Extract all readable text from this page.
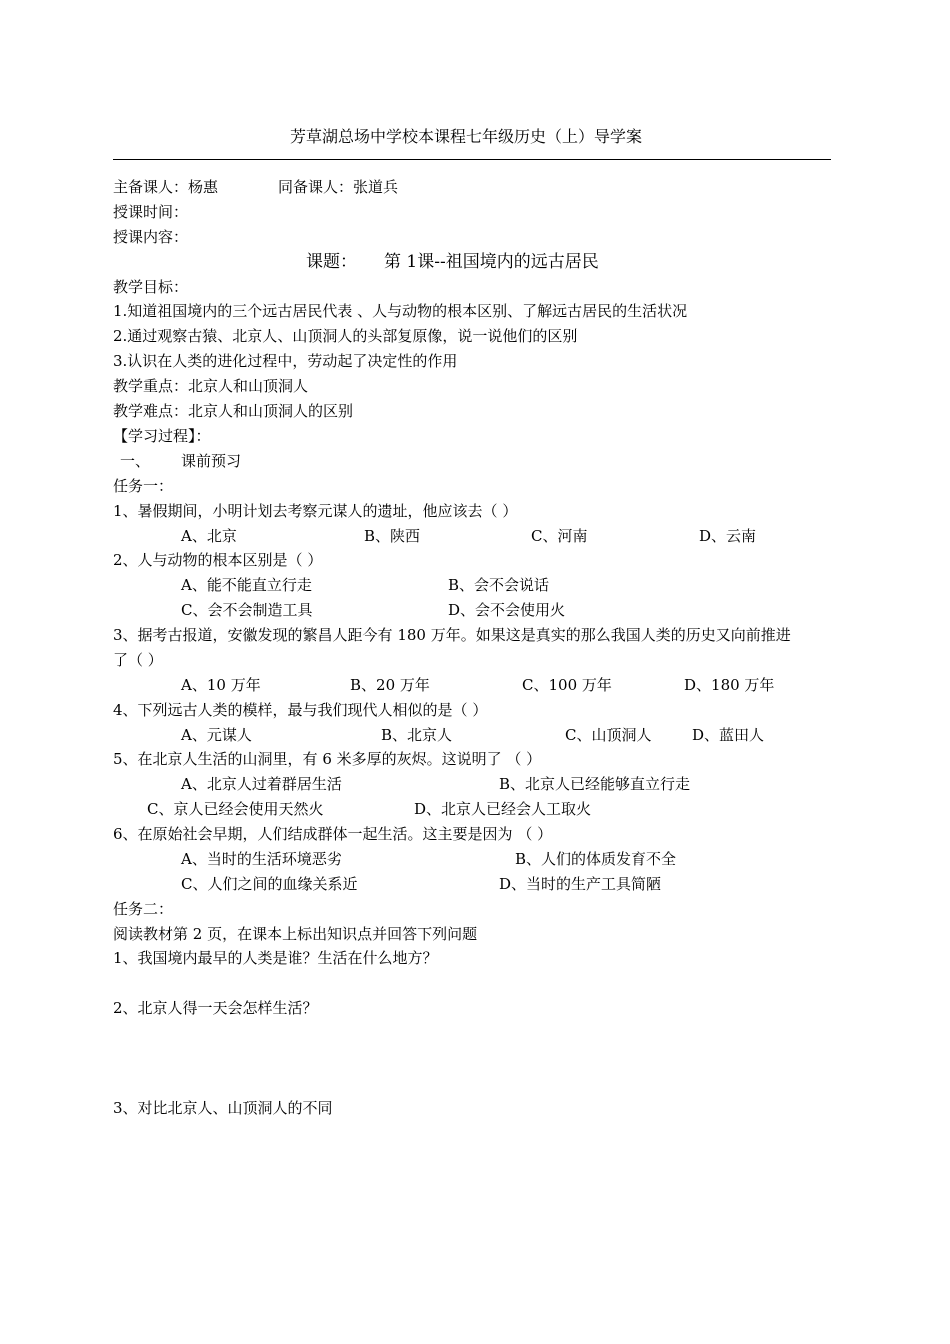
芳草湖总场中学校本课程七年级历史（上）导学案
主备课人：杨惠	同备课人：张道兵
授课时间：
授课内容：
课题： 第 1课--祖国境内的远古居民
教学目标：
1.知道祖国境内的三个远古居民代表 、人与动物的根本区别、了解远古居民的生活状况
2.通过观察古猿、北京人、山顶洞人的头部复原像，说一说他们的区别
3.认识在人类的进化过程中，劳动起了决定性的作用
教学重点：北京人和山顶洞人
教学难点：北京人和山顶洞人的区别
【学习过程】：
一、 课前预习
任务一：
1、暑假期间，小明计划去考察元谋人的遗址，他应该去（ ）
A、北京	B、陕西	C、河南	D、云南
2、人与动物的根本区别是（ ）
A、能不能直立行走	B、会不会说话
C、会不会制造工具	D、会不会使用火
3、据考古报道，安徽发现的繁昌人距今有 180 万年。如果这是真实的那么我国人类的历史又向前推进
了（ ）
A、10 万年	B、20 万年	C、100 万年	D、180 万年
4、下列远古人类的模样，最与我们现代人相似的是（ ）
A、元谋人	B、北京人	C、山顶洞人	D、蓝田人
5、在北京人生活的山洞里，有 6 米多厚的灰烬。这说明了 （ ）
A、北京人过着群居生活	B、北京人已经能够直立行走
C、京人已经会使用天然火	D、北京人已经会人工取火
6、在原始社会早期，人们结成群体一起生活。这主要是因为 （ ）
A、当时的生活环境恶劣	B、人们的体质发育不全
C、人们之间的血缘关系近	D、当时的生产工具简陋
任务二：
阅读教材第 2 页，在课本上标出知识点并回答下列问题
1、我国境内最早的人类是谁？生活在什么地方？
2、北京人得一天会怎样生活？
3、对比北京人、山顶洞人的不同
